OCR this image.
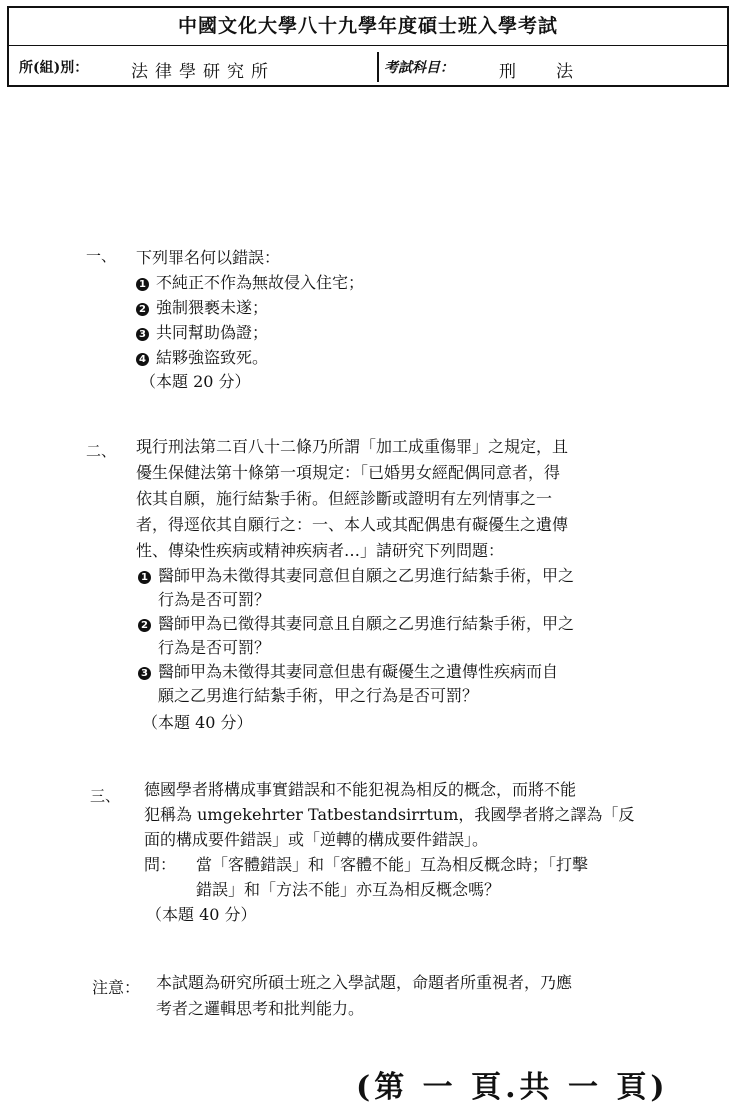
中國文化大學八十九學年度碩士班入學考試
所(組)別：	法律學研究所	考試科目：	刑法
一、 下列罪名何以錯誤：
1 不純正不作為無故侵入住宅；
2 強制猥褻未遂；
3 共同幫助偽證；
4 結夥強盜致死。
（本題 20 分）
二、 現行刑法第二百八十二條乃所謂「加工成重傷罪」之規定，且
優生保健法第十條第一項規定：「已婚男女經配偶同意者，得
依其自願，施行結紮手術。但經診斷或證明有左列情事之一
者，得逕依其自願行之：一、本人或其配偶患有礙優生之遺傳
性、傳染性疾病或精神疾病者…」請研究下列問題：
1 醫師甲為未徵得其妻同意但自願之乙男進行結紮手術，甲之
行為是否可罰？
2 醫師甲為已徵得其妻同意且自願之乙男進行結紮手術，甲之
行為是否可罰？
3 醫師甲為未徵得其妻同意但患有礙優生之遺傳性疾病而自
願之乙男進行結紮手術，甲之行為是否可罰？
（本題 40 分）
三、 德國學者將構成事實錯誤和不能犯視為相反的概念，而將不能
犯稱為 umgekehrter Tatbestandsirrtum，我國學者將之譯為「反
面的構成要件錯誤」或「逆轉的構成要件錯誤」。
問： 當「客體錯誤」和「客體不能」互為相反概念時；「打擊
錯誤」和「方法不能」亦互為相反概念嗎？
（本題 40 分）
注意： 本試題為研究所碩士班之入學試題，命題者所重視者，乃應
考者之邏輯思考和批判能力。
(第 一 頁.共 一 頁)
